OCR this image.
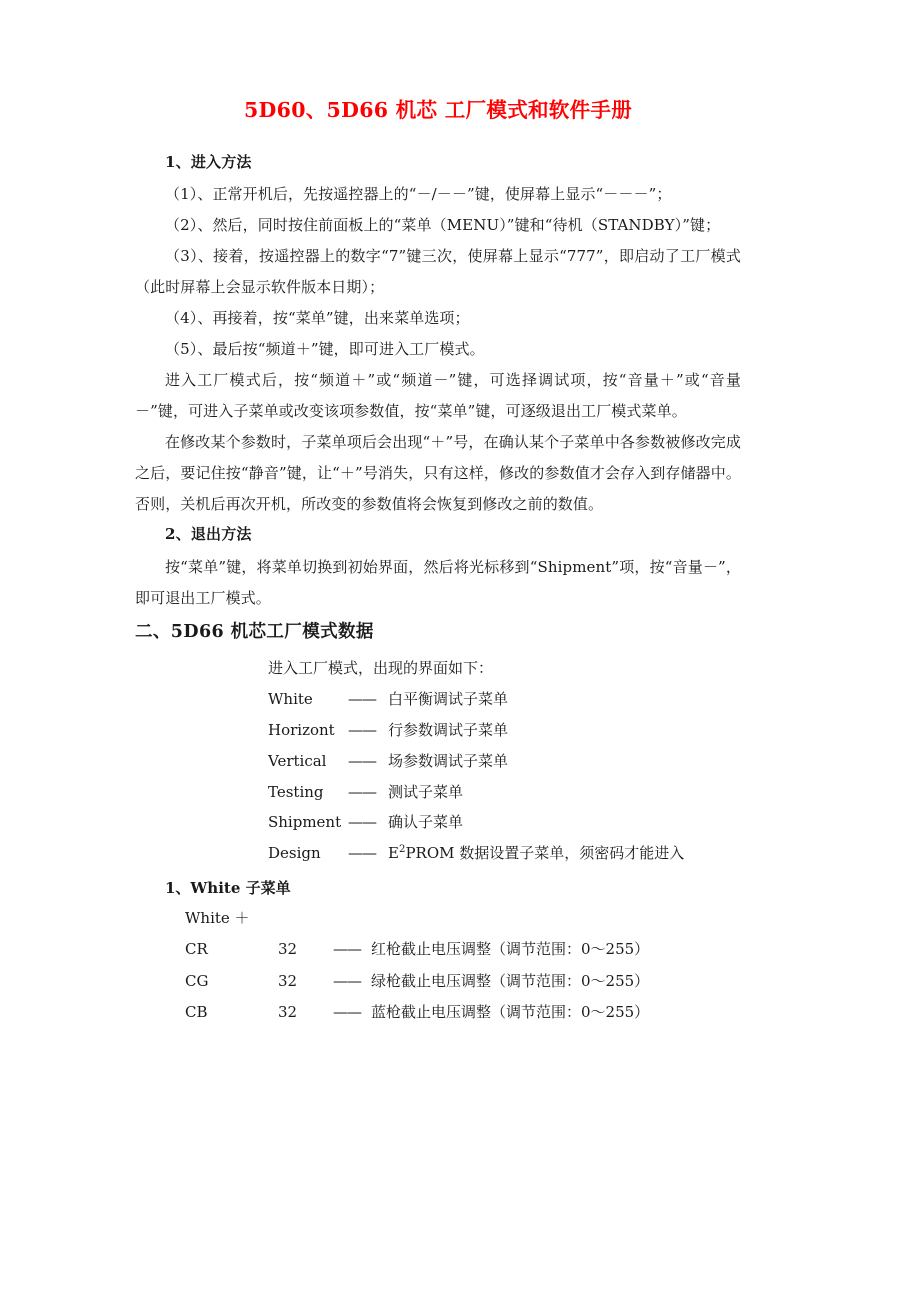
5D60、5D66 机芯 工厂模式和软件手册
1、进入方法

（1）、正常开机后，先按遥控器上的“－/－－”键，使屏幕上显示“－－－”；

（2）、然后，同时按住前面板上的“菜单（MENU）”键和“待机（STANDBY）”键；

（3）、接着，按遥控器上的数字“7”键三次，使屏幕上显示“777”，即启动了工厂模式（此时屏幕上会显示软件版本日期）；

（4）、再接着，按“菜单”键，出来菜单选项；

（5）、最后按“频道＋”键，即可进入工厂模式。

进入工厂模式后，按“频道＋”或“频道－”键，可选择调试项，按“音量＋”或“音量－”键，可进入子菜单或改变该项参数值，按“菜单”键，可逐级退出工厂模式菜单。

在修改某个参数时，子菜单项后会出现“＋”号，在确认某个子菜单中各参数被修改完成之后，要记住按“静音”键，让“＋”号消失，只有这样，修改的参数值才会存入到存储器中。否则，关机后再次开机，所改变的参数值将会恢复到修改之前的数值。

2、退出方法

按“菜单”键，将菜单切换到初始界面，然后将光标移到“Shipment”项，按“音量－”，即可退出工厂模式。

二、5D66 机芯工厂模式数据
进入工厂模式，出现的界面如下：
White —— 白平衡调试子菜单
Horizont —— 行参数调试子菜单
Vertical —— 场参数调试子菜单
Testing —— 测试子菜单
Shipment —— 确认子菜单
Design —— $E^2PROM$ 数据设置子菜单，须密码才能进入
1、White 子菜单
White ＋
CR	32 —— 红枪截止电压调整（调节范围：0～255）
CG	32 —— 绿枪截止电压调整（调节范围：0～255）
CB	32 —— 蓝枪截止电压调整（调节范围：0～255）
